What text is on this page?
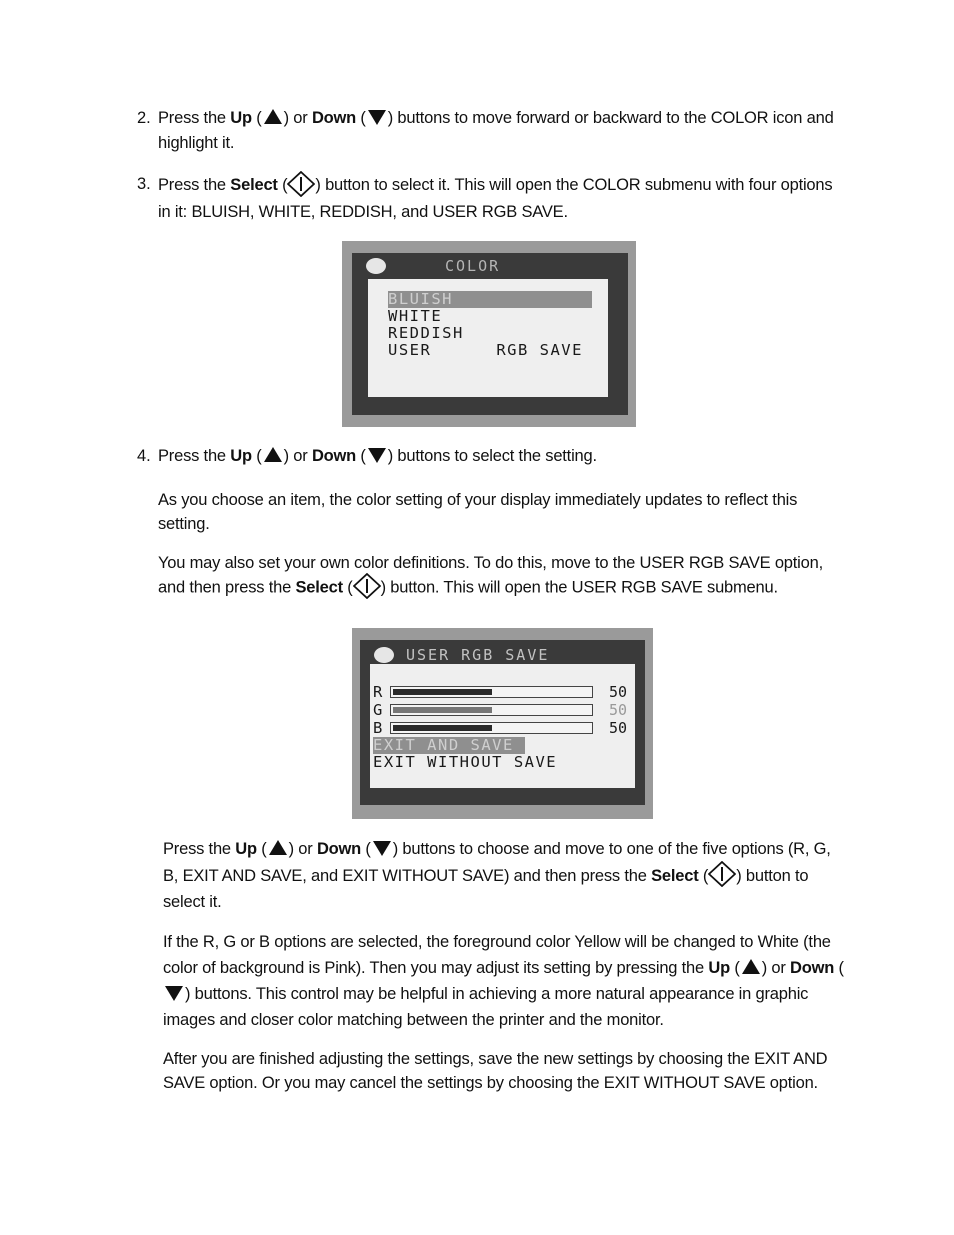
2. Press the Up ( ) or Down ( ) buttons to move forward or backward to the COLOR icon and highlight it.
3. Press the Select ( ) button to select it. This will open the COLOR submenu with four options in it: BLUISH, WHITE, REDDISH, and USER RGB SAVE.
COLOR
BLUISH
WHITE
REDDISH
USER      RGB SAVE
4. Press the Up ( ) or Down ( ) buttons to select the setting.
As you choose an item, the color setting of your display immediately updates to reflect this setting.
You may also set your own color definitions. To do this, move to the USER RGB SAVE option, and then press the Select ( ) button. This will open the USER RGB SAVE submenu.
USER RGB SAVE
R	50
G	50
B	50
EXIT AND SAVE
EXIT WITHOUT SAVE
Press the Up ( ) or Down ( ) buttons to choose and move to one of the five options (R, G, B, EXIT AND SAVE, and EXIT WITHOUT SAVE) and then press the Select ( ) button to select it.
If the R, G or B options are selected, the foreground color Yellow will be changed to White (the color of background is Pink). Then you may adjust its setting by pressing the Up ( ) or Down () buttons. This control may be helpful in achieving a more natural appearance in graphic images and closer color matching between the printer and the monitor.
After you are finished adjusting the settings, save the new settings by choosing the EXIT AND SAVE option. Or you may cancel the settings by choosing the EXIT WITHOUT SAVE option.
